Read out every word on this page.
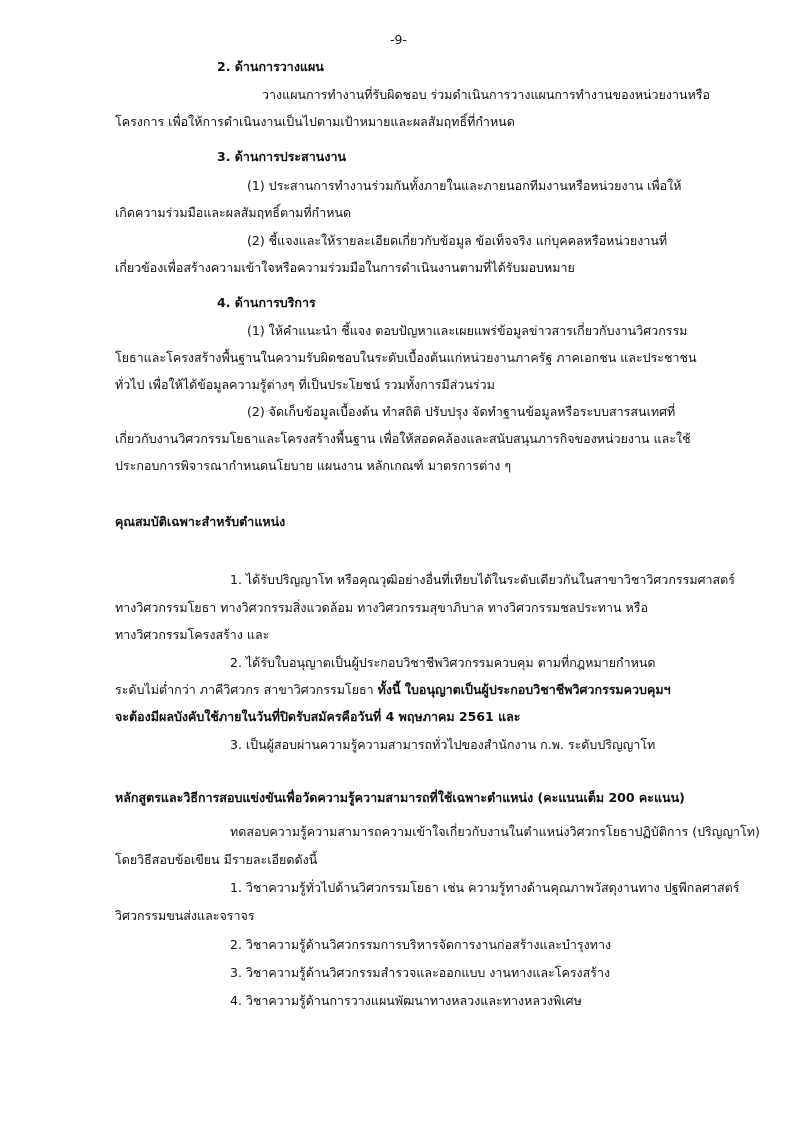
-9-
2. ด้านการวางแผน
วางแผนการทำงานที่รับผิดชอบ ร่วมดำเนินการวางแผนการทำงานของหน่วยงานหรือ
โครงการ เพื่อให้การดำเนินงานเป็นไปตามเป้าหมายและผลสัมฤทธิ์ที่กำหนด
3. ด้านการประสานงาน
(1) ประสานการทำงานร่วมกันทั้งภายในและภายนอกทีมงานหรือหน่วยงาน เพื่อให้
เกิดความร่วมมือและผลสัมฤทธิ์ตามที่กำหนด
(2) ชี้แจงและให้รายละเอียดเกี่ยวกับข้อมูล ข้อเท็จจริง แก่บุคคลหรือหน่วยงานที่
เกี่ยวข้องเพื่อสร้างความเข้าใจหรือความร่วมมือในการดำเนินงานตามที่ได้รับมอบหมาย
4. ด้านการบริการ
(1) ให้คำแนะนำ ชี้แจง ตอบปัญหาและเผยแพร่ข้อมูลข่าวสารเกี่ยวกับงานวิศวกรรม
โยธาและโครงสร้างพื้นฐานในความรับผิดชอบในระดับเบื้องต้นแก่หน่วยงานภาครัฐ ภาคเอกชน และประชาชน
ทั่วไป เพื่อให้ได้ข้อมูลความรู้ต่างๆ ที่เป็นประโยชน์ รวมทั้งการมีส่วนร่วม
(2) จัดเก็บข้อมูลเบื้องต้น ทำสถิติ ปรับปรุง จัดทำฐานข้อมูลหรือระบบสารสนเทศที่
เกี่ยวกับงานวิศวกรรมโยธาและโครงสร้างพื้นฐาน เพื่อให้สอดคล้องและสนับสนุนภารกิจของหน่วยงาน และใช้
ประกอบการพิจารณากำหนดนโยบาย แผนงาน หลักเกณฑ์ มาตรการต่าง ๆ
คุณสมบัติเฉพาะสำหรับตำแหน่ง
1. ได้รับปริญญาโท หรือคุณวุฒิอย่างอื่นที่เทียบได้ในระดับเดียวกันในสาขาวิชาวิศวกรรมศาสตร์
ทางวิศวกรรมโยธา ทางวิศวกรรมสิ่งแวดล้อม ทางวิศวกรรมสุขาภิบาล ทางวิศวกรรมชลประทาน หรือ
ทางวิศวกรรมโครงสร้าง และ
2. ได้รับใบอนุญาตเป็นผู้ประกอบวิชาชีพวิศวกรรมควบคุม ตามที่กฎหมายกำหนด
ระดับไม่ต่ำกว่า ภาคีวิศวกร สาขาวิศวกรรมโยธา ทั้งนี้ ใบอนุญาตเป็นผู้ประกอบวิชาชีพวิศวกรรมควบคุมฯ
จะต้องมีผลบังคับใช้ภายในวันที่ปิดรับสมัครคือวันที่ 4 พฤษภาคม 2561 และ
3. เป็นผู้สอบผ่านความรู้ความสามารถทั่วไปของสำนักงาน ก.พ. ระดับปริญญาโท
หลักสูตรและวิธีการสอบแข่งขันเพื่อวัดความรู้ความสามารถที่ใช้เฉพาะตำแหน่ง (คะแนนเต็ม 200 คะแนน)
ทดสอบความรู้ความสามารถความเข้าใจเกี่ยวกับงานในตำแหน่งวิศวกรโยธาปฏิบัติการ (ปริญญาโท)
โดยวิธีสอบข้อเขียน มีรายละเอียดดังนี้
1. วิชาความรู้ทั่วไปด้านวิศวกรรมโยธา เช่น ความรู้ทางด้านคุณภาพวัสดุงานทาง ปฐพีกลศาสตร์
วิศวกรรมขนส่งและจราจร
2. วิชาความรู้ด้านวิศวกรรมการบริหารจัดการงานก่อสร้างและบำรุงทาง
3. วิชาความรู้ด้านวิศวกรรมสำรวจและออกแบบ งานทางและโครงสร้าง
4. วิชาความรู้ด้านการวางแผนพัฒนาทางหลวงและทางหลวงพิเศษ
